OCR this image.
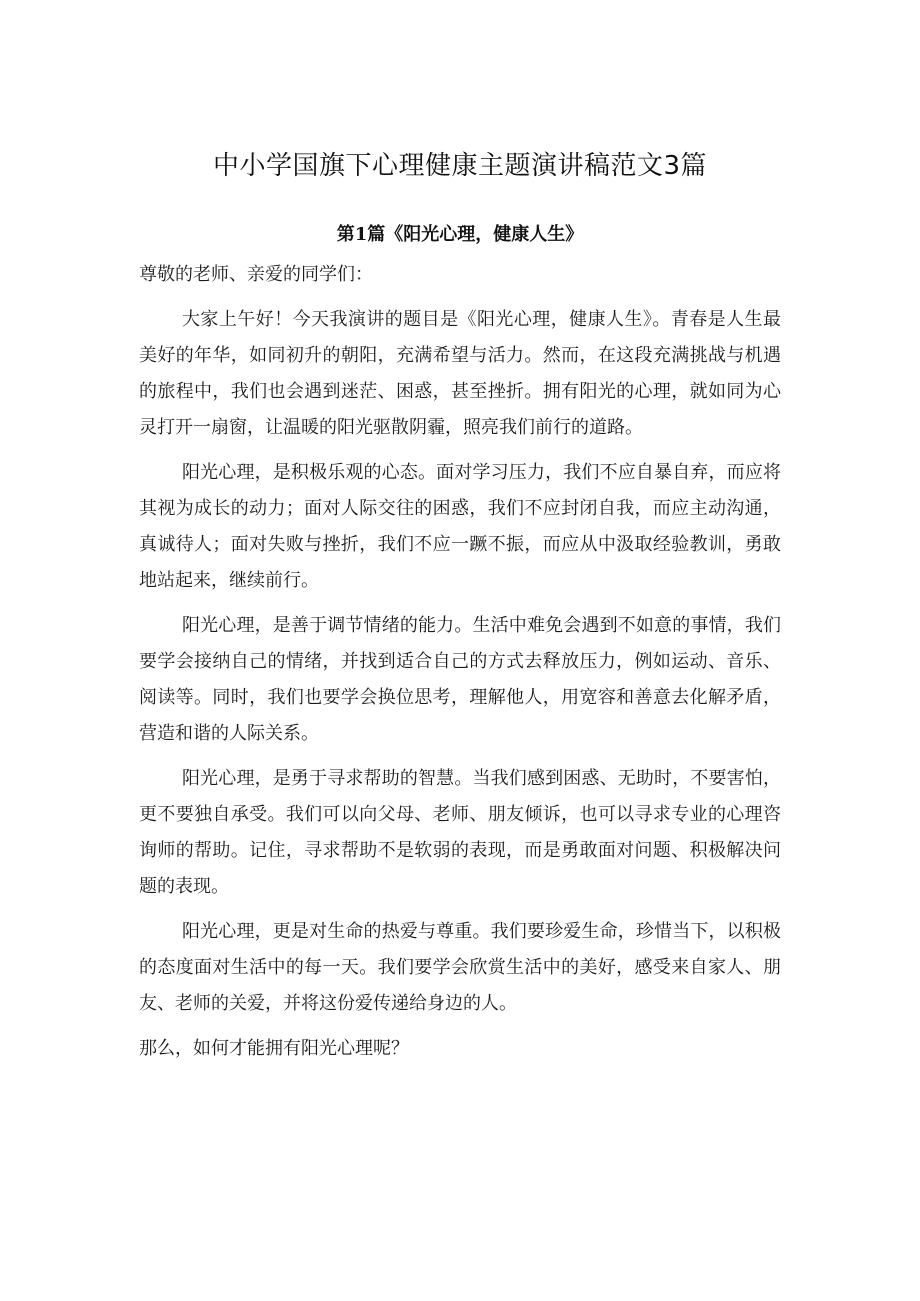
中小学国旗下心理健康主题演讲稿范文3篇
第1篇《阳光心理，健康人生》

尊敬的老师、亲爱的同学们：

大家上午好！今天我演讲的题目是《阳光心理，健康人生》。青春是人生最美好的年华，如同初升的朝阳，充满希望与活力。然而，在这段充满挑战与机遇的旅程中，我们也会遇到迷茫、困惑，甚至挫折。拥有阳光的心理，就如同为心灵打开一扇窗，让温暖的阳光驱散阴霾，照亮我们前行的道路。

阳光心理，是积极乐观的心态。面对学习压力，我们不应自暴自弃，而应将其视为成长的动力；面对人际交往的困惑，我们不应封闭自我，而应主动沟通，真诚待人；面对失败与挫折，我们不应一蹶不振，而应从中汲取经验教训，勇敢地站起来，继续前行。

阳光心理，是善于调节情绪的能力。生活中难免会遇到不如意的事情，我们要学会接纳自己的情绪，并找到适合自己的方式去释放压力，例如运动、音乐、阅读等。同时，我们也要学会换位思考，理解他人，用宽容和善意去化解矛盾，营造和谐的人际关系。

阳光心理，是勇于寻求帮助的智慧。当我们感到困惑、无助时，不要害怕，更不要独自承受。我们可以向父母、老师、朋友倾诉，也可以寻求专业的心理咨询师的帮助。记住，寻求帮助不是软弱的表现，而是勇敢面对问题、积极解决问题的表现。

阳光心理，更是对生命的热爱与尊重。我们要珍爱生命，珍惜当下，以积极的态度面对生活中的每一天。我们要学会欣赏生活中的美好，感受来自家人、朋友、老师的关爱，并将这份爱传递给身边的人。

那么，如何才能拥有阳光心理呢？
